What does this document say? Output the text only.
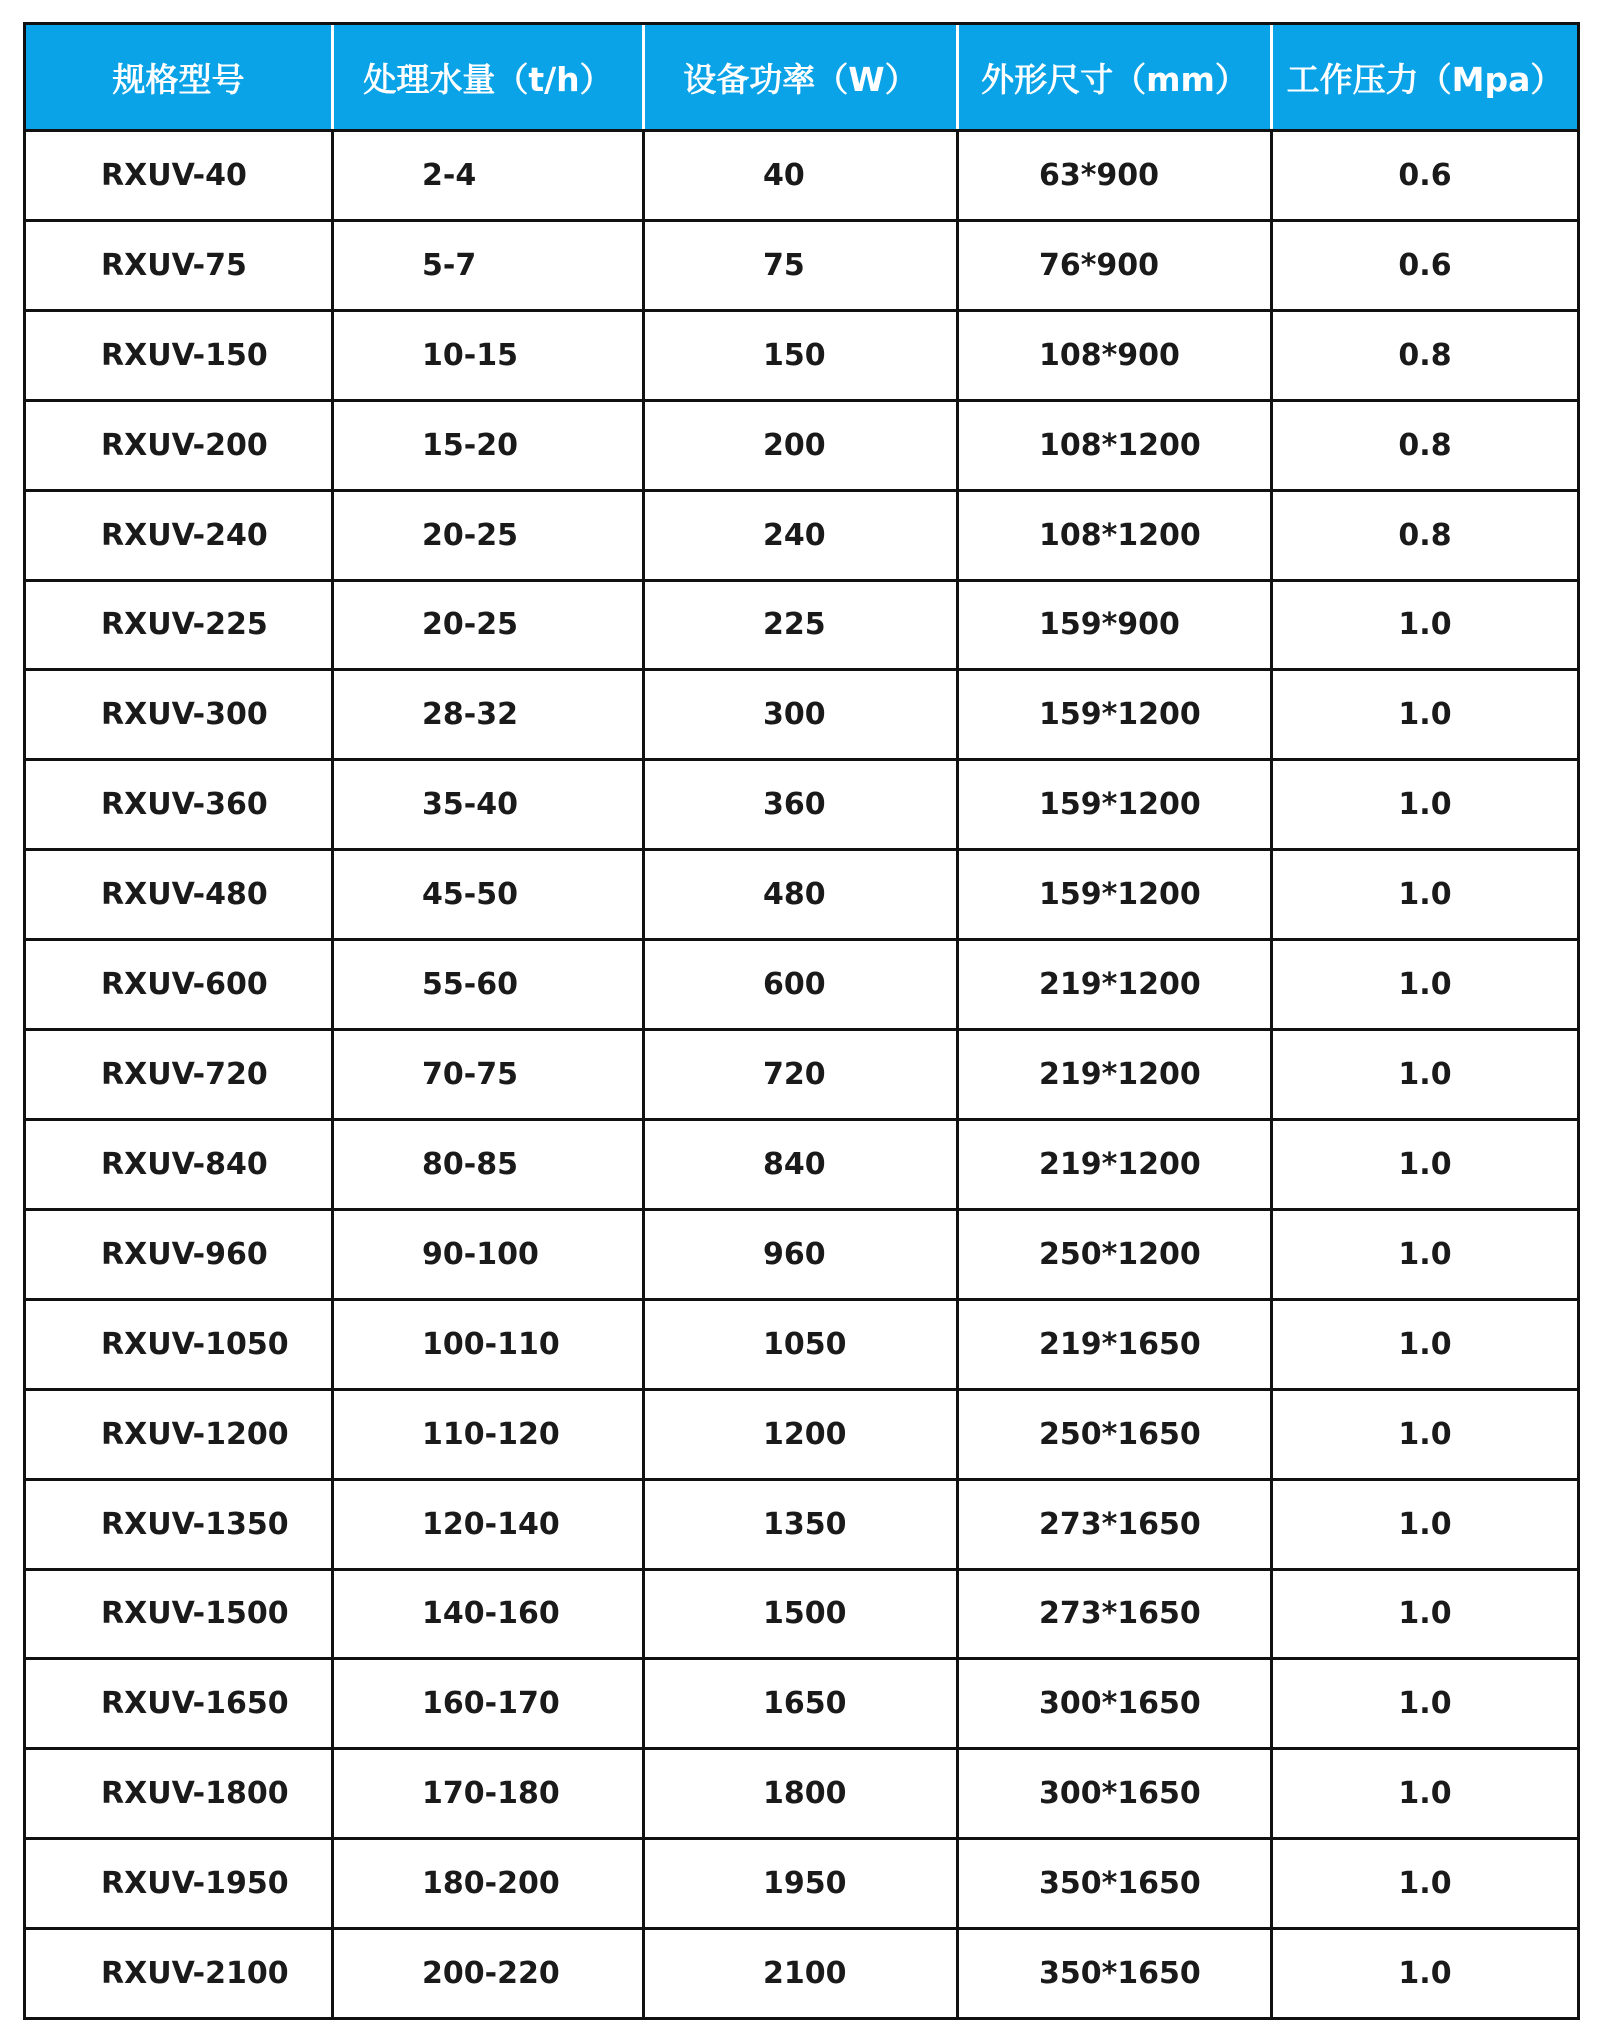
规格型号	处理水量（t/h）	设备功率（W）	外形尺寸（mm）	工作压力（Mpa）
RXUV-40	2-4	40	63*900	0.6
RXUV-75	5-7	75	76*900	0.6
RXUV-150	10-15	150	108*900	0.8
RXUV-200	15-20	200	108*1200	0.8
RXUV-240	20-25	240	108*1200	0.8
RXUV-225	20-25	225	159*900	1.0
RXUV-300	28-32	300	159*1200	1.0
RXUV-360	35-40	360	159*1200	1.0
RXUV-480	45-50	480	159*1200	1.0
RXUV-600	55-60	600	219*1200	1.0
RXUV-720	70-75	720	219*1200	1.0
RXUV-840	80-85	840	219*1200	1.0
RXUV-960	90-100	960	250*1200	1.0
RXUV-1050	100-110	1050	219*1650	1.0
RXUV-1200	110-120	1200	250*1650	1.0
RXUV-1350	120-140	1350	273*1650	1.0
RXUV-1500	140-160	1500	273*1650	1.0
RXUV-1650	160-170	1650	300*1650	1.0
RXUV-1800	170-180	1800	300*1650	1.0
RXUV-1950	180-200	1950	350*1650	1.0
RXUV-2100	200-220	2100	350*1650	1.0
